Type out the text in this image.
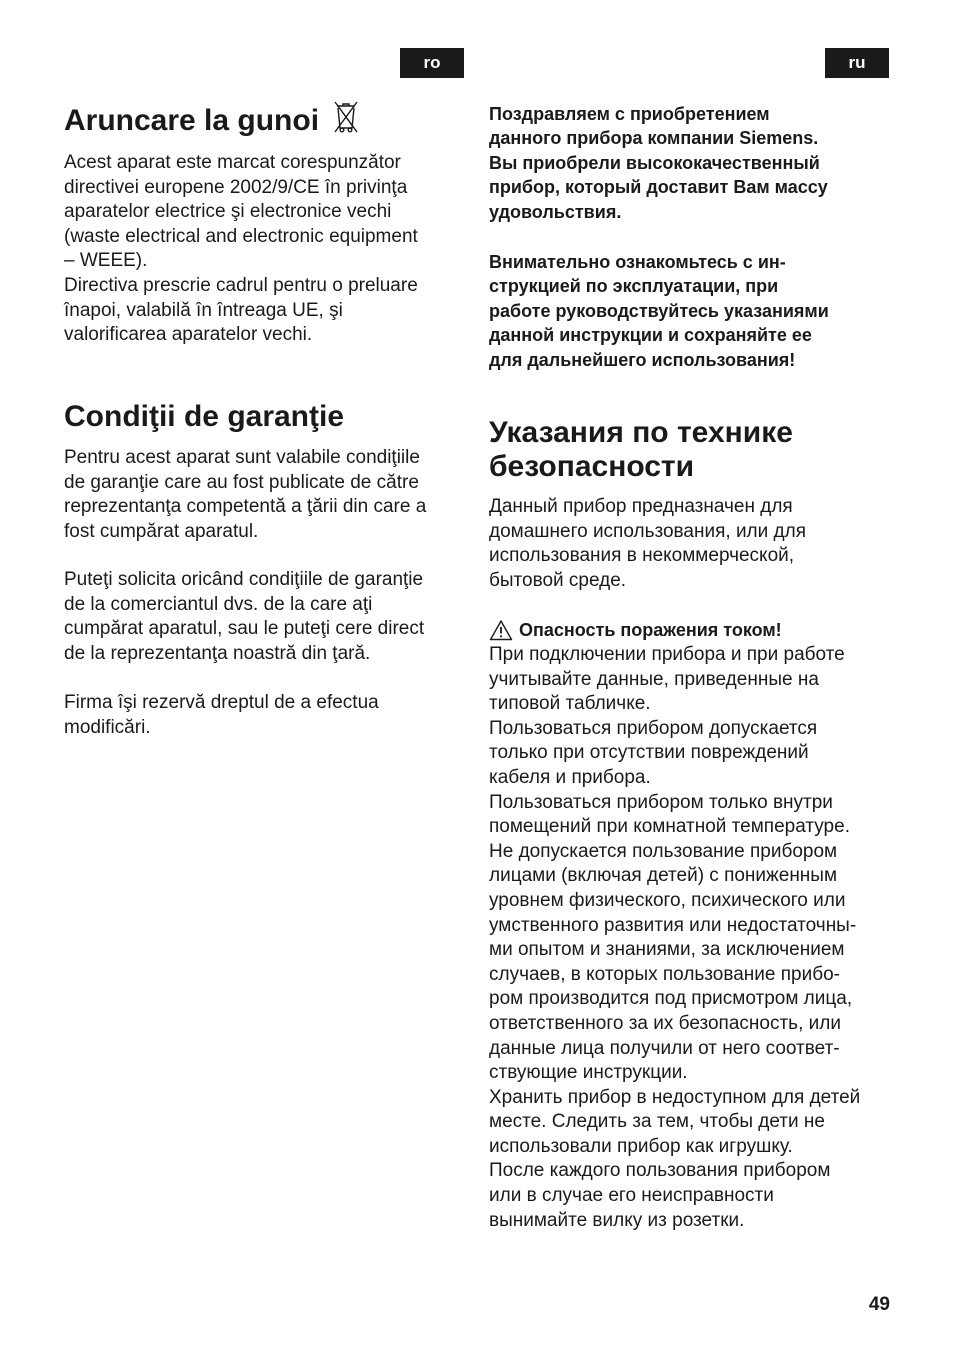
ro	ru
Aruncare la gunoi
Acest aparat este marcat corespunzător
directivei europene 2002/9/CE în privinţa
aparatelor electrice şi electronice vechi
(waste electrical and electronic equipment
– WEEE).
Directiva prescrie cadrul pentru o preluare
înapoi, valabilă în întreaga UE, şi
valorificarea aparatelor vechi.
Condiţii de garanţie
Pentru acest aparat sunt valabile condiţiile
de garanţie care au fost publicate de către
reprezentanţa competentă a ţării din care a
fost cumpărat aparatul.
Puteţi solicita oricând condiţiile de garanţie
de la comerciantul dvs. de la care aţi
cumpărat aparatul, sau le puteţi cere direct
de la reprezentanţa noastră din ţară.
Firma îşi rezervă dreptul de a efectua
modificări.
Поздравляем с приобретением
данного прибора компании Siemens.
Вы приобрели высококачественный
прибор, который доставит Вам массу
удовольствия.
Внимательно ознакомьтесь с ин-
струкцией по эксплуатации, при
работе руководствуйтесь указаниями
данной инструкции и сохраняйте ее
для дальнейшего использования!
Указания по технике
безопасности
Данный прибор предназначен для
домашнего использования, или для
использования в некоммерческой,
бытовой среде.
Опасность поражения током!
При подключении прибора и при работе
учитывайте данные, приведенные на
типовой табличке.
Пользоваться прибором допускается
только при отсутствии повреждений
кабеля и прибора.
Пользоваться прибором только внутри
помещений при комнатной температуре.
Не допускается пользование прибором
лицами (включая детей) с пониженным
уровнем физического, психического или
умственного развития или недостаточны-
ми опытом и знаниями, за исключением
случаев, в которых пользование прибо-
ром производится под присмотром лица,
ответственного за их безопасность, или
данные лица получили от него соответ-
ствующие инструкции.
Хранить прибор в недоступном для детей
месте. Следить за тем, чтобы дети не
использовали прибор как игрушку.
После каждого пользования прибором
или в случае его неисправности
вынимайте вилку из розетки.
49
